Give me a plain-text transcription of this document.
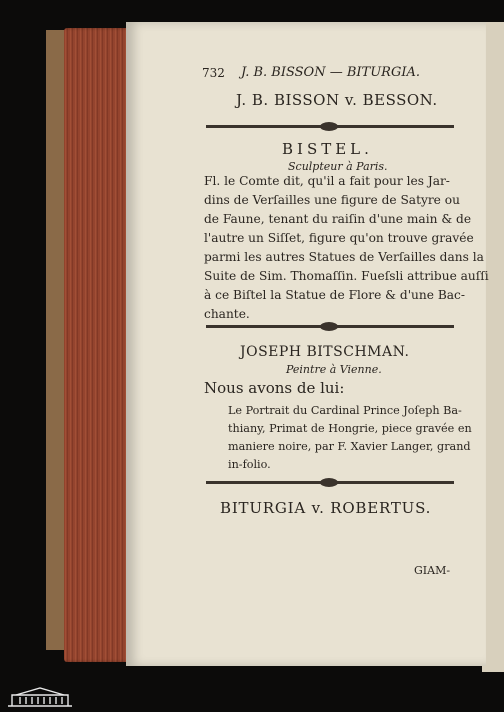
732 J. B. BISSON — BITURGIA.
J. B. BISSON v. BESSON.
BISTEL.
Sculpteur à Paris.
Fl. le Comte dit, qu'il a fait pour les Jar-
dins de Verſailles une figure de Satyre ou
de Faune, tenant du raiſin d'une main & de
l'autre un Siſſet, figure qu'on trouve gravée
parmi les autres Statues de Verſailles dans la
Suite de Sim. Thomaſſin. Fueſsli attribue auſſi
à ce Biſtel la Statue de Flore & d'une Bac-
chante.
JOSEPH BITSCHMAN.
Peintre à Vienne.
Nous avons de lui:
Le Portrait du Cardinal Prince Joſeph Ba-
thiany, Primat de Hongrie, piece gravée en
maniere noire, par F. Xavier Langer, grand
in-folio.
BITURGIA v. ROBERTUS.
GIAM-
